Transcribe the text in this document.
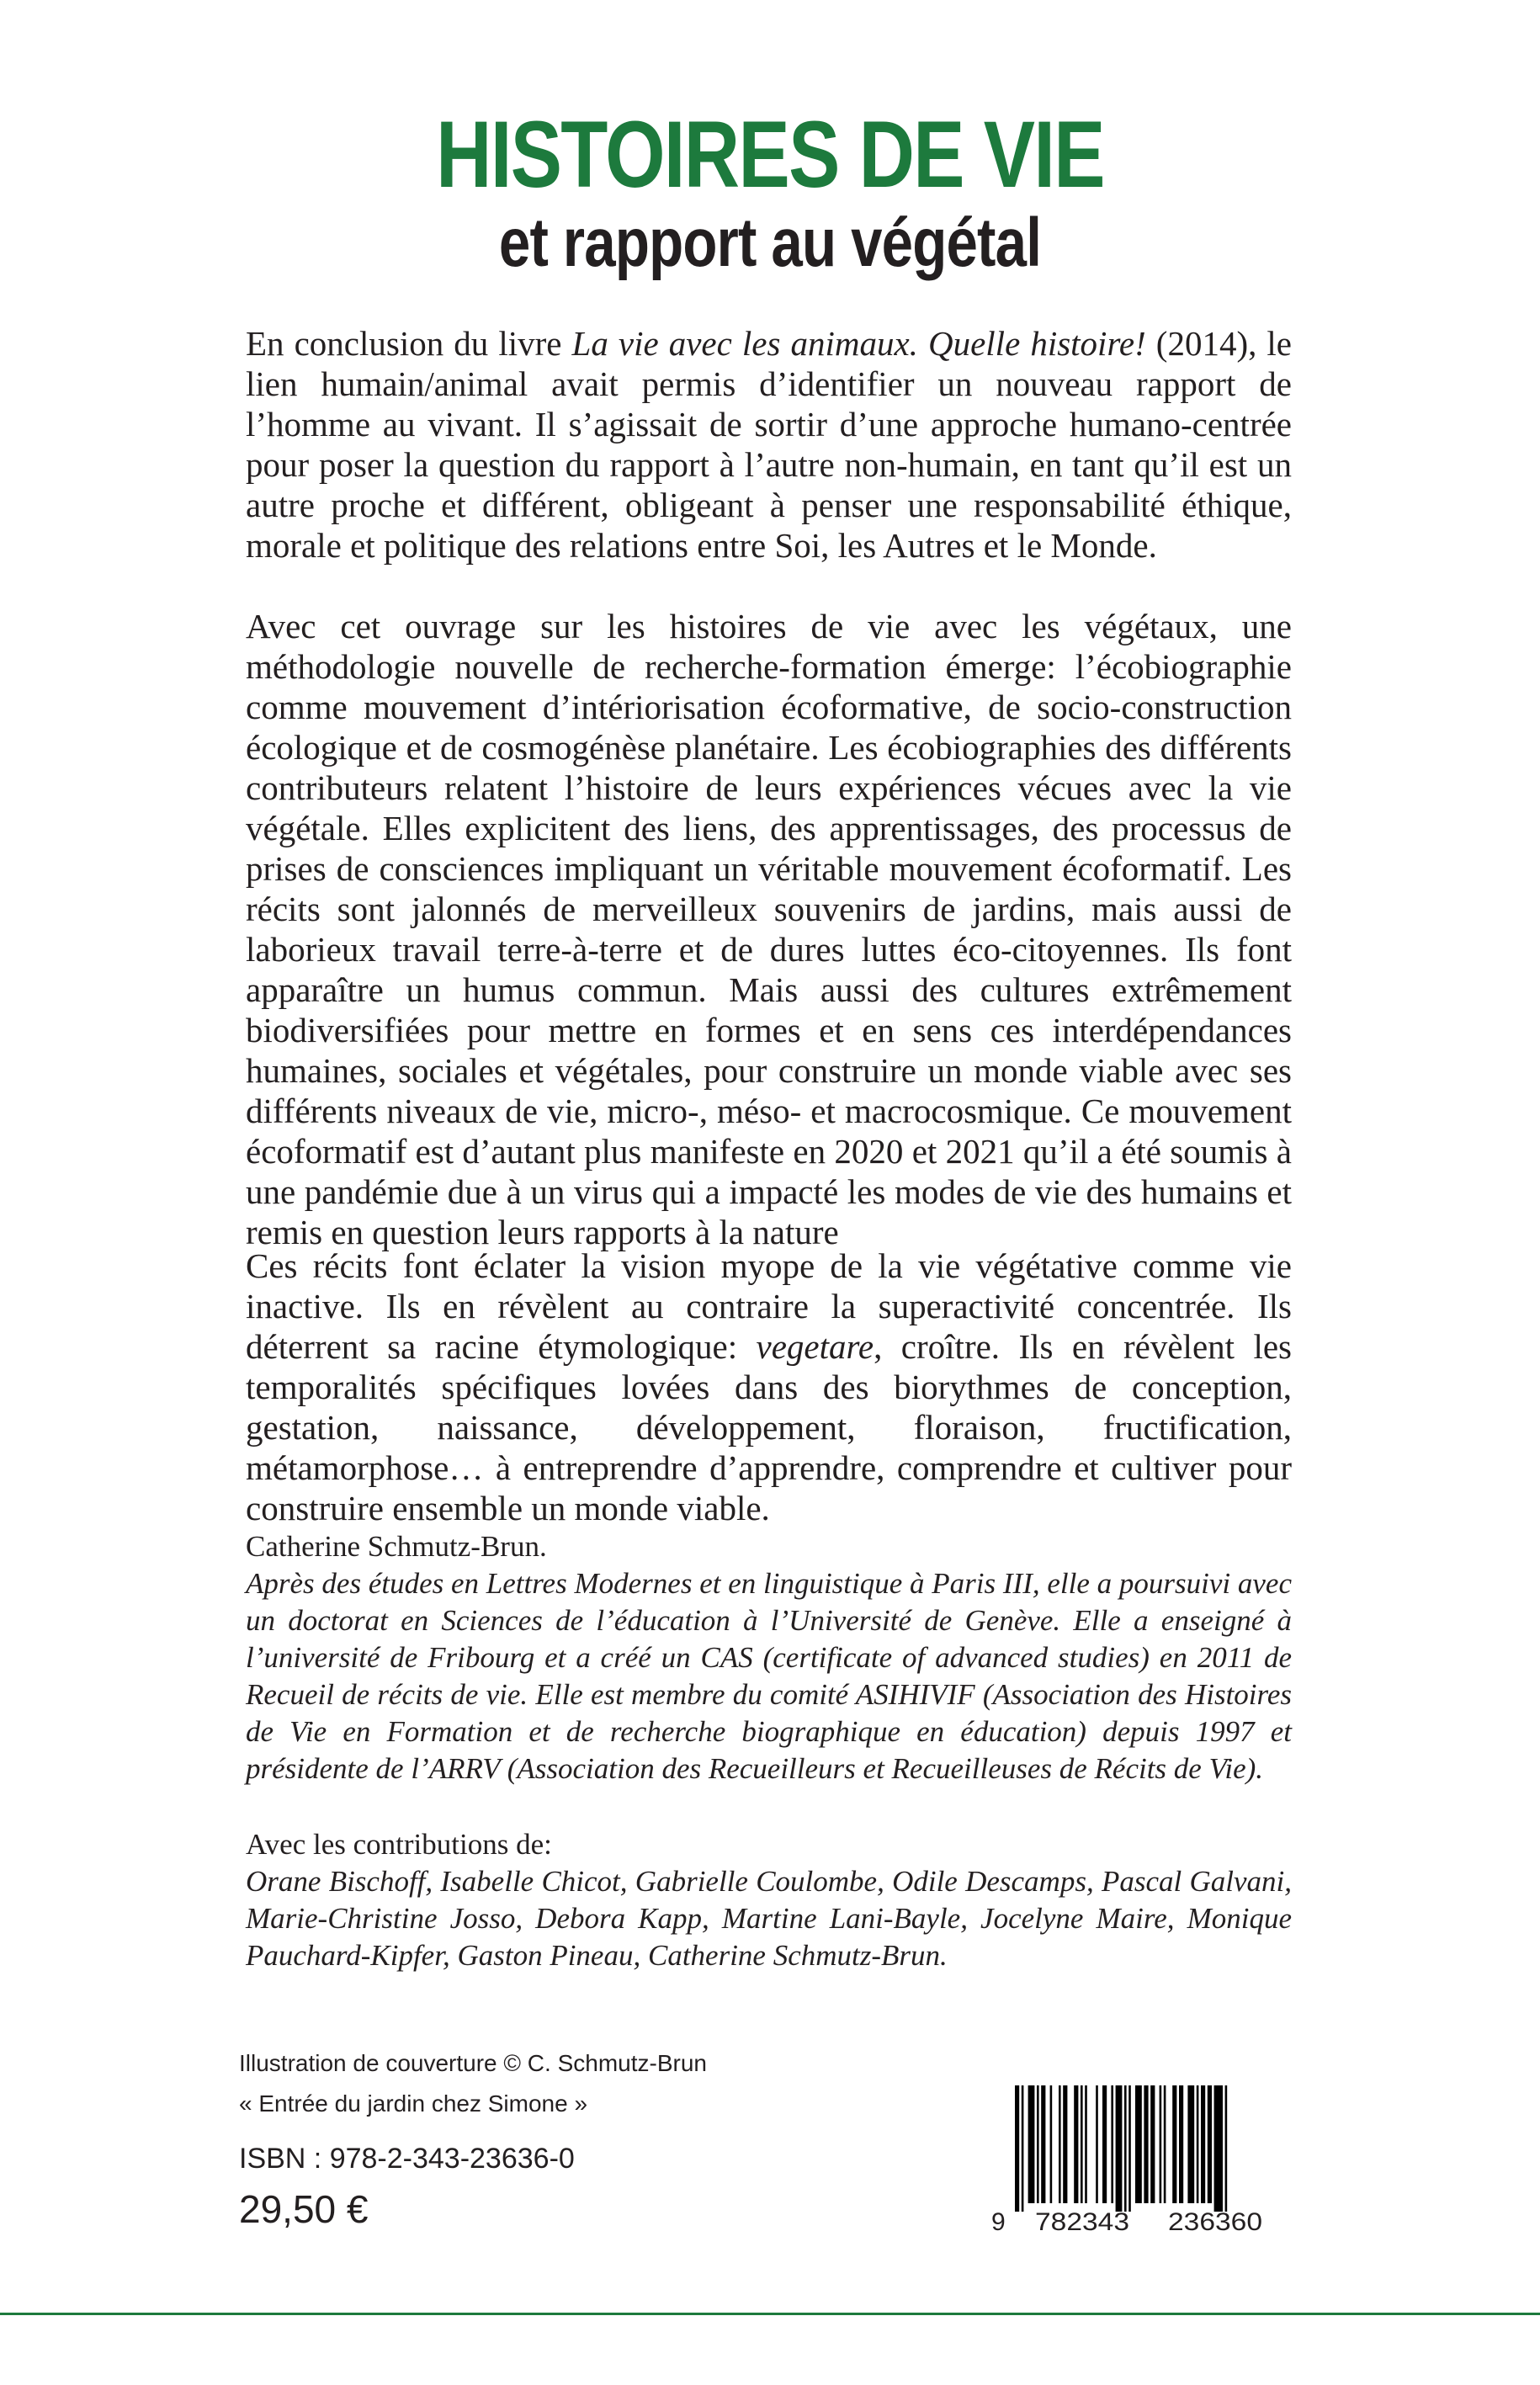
HISTOIRES DE VIE
et rapport au végétal

En conclusion du livre La vie avec les animaux. Quelle histoire! (2014), le lien humain/animal avait permis d’identifier un nouveau rapport de l’homme au vivant. Il s’agissait de sortir d’une approche humano-centrée pour poser la question du rapport à l’autre non-humain, en tant qu’il est un autre proche et différent, obligeant à penser une responsabilité éthique, morale et politique des relations entre Soi, les Autres et le Monde.

Avec cet ouvrage sur les histoires de vie avec les végétaux, une méthodologie nouvelle de recherche-formation émerge: l’écobiographie comme mouvement d’intériorisation écoformative, de socio-construction écologique et de cosmogénèse planétaire. Les écobiographies des différents contributeurs relatent l’histoire de leurs expériences vécues avec la vie végétale. Elles explicitent des liens, des apprentissages, des processus de prises de consciences impliquant un véritable mouvement écoformatif. Les récits sont jalonnés de merveilleux souvenirs de jardins, mais aussi de laborieux travail terre-à-terre et de dures luttes éco-citoyennes. Ils font apparaître un humus commun. Mais aussi des cultures extrêmement biodiversifiées pour mettre en formes et en sens ces interdépendances humaines, sociales et végétales, pour construire un monde viable avec ses différents niveaux de vie, micro-, méso- et macrocosmique. Ce mouvement écoformatif est d’autant plus manifeste en 2020 et 2021 qu’il a été soumis à une pandémie due à un virus qui a impacté les modes de vie des humains et remis en question leurs rapports à la nature

Ces récits font éclater la vision myope de la vie végétative comme vie inactive. Ils en révèlent au contraire la superactivité concentrée. Ils déterrent sa racine étymologique: vegetare, croître. Ils en révèlent les temporalités spécifiques lovées dans des biorythmes de conception, gestation, naissance, développement, floraison, fructification, métamorphose… à entreprendre d’apprendre, comprendre et cultiver pour construire ensemble un monde viable.

Catherine Schmutz-Brun.
Après des études en Lettres Modernes et en linguistique à Paris III, elle a poursuivi avec un doctorat en Sciences de l’éducation à l’Université de Genève. Elle a enseigné à l’université de Fribourg et a créé un CAS (certificate of advanced studies) en 2011 de Recueil de récits de vie. Elle est membre du comité ASIHIVIF (Association des Histoires de Vie en Formation et de recherche biographique en éducation) depuis 1997 et présidente de l’ARRV (Association des Recueilleurs et Recueilleuses de Récits de Vie).
Avec les contributions de:
Orane Bischoff, Isabelle Chicot, Gabrielle Coulombe, Odile Descamps, Pascal Galvani, Marie-Christine Josso, Debora Kapp, Martine Lani-Bayle, Jocelyne Maire, Monique Pauchard-Kipfer, Gaston Pineau, Catherine Schmutz-Brun.
Illustration de couverture © C. Schmutz-Brun
« Entrée du jardin chez Simone »
ISBN : 978-2-343-23636-0
29,50 €	9 782343 236360
